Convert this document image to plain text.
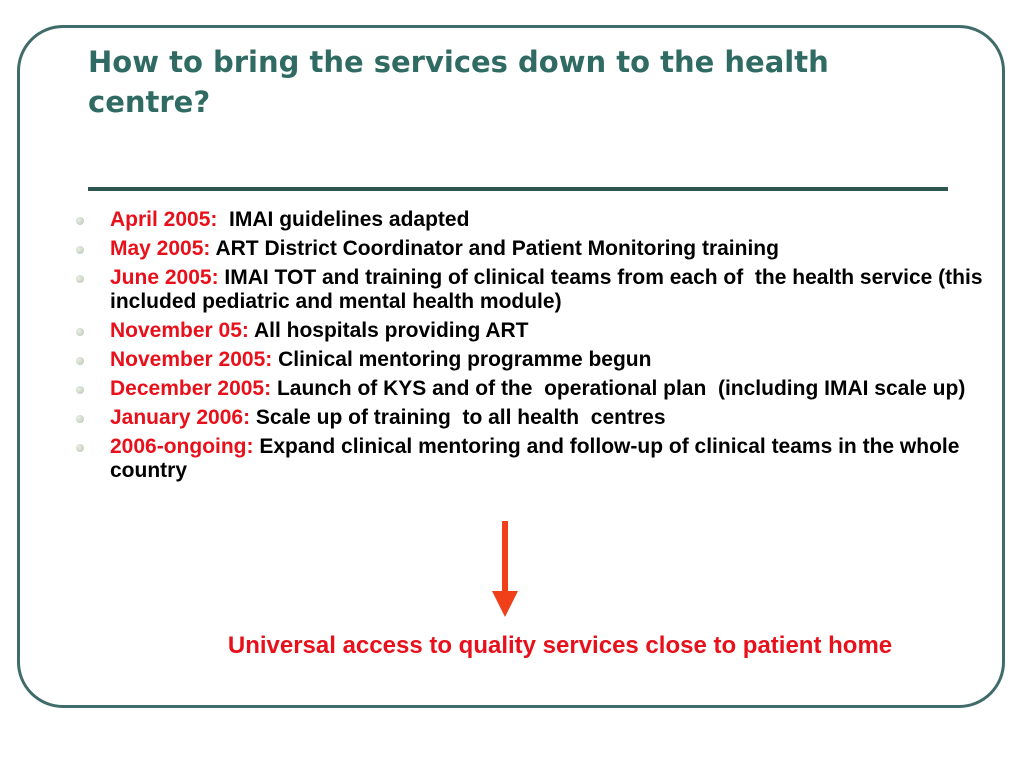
How to bring the services down to the health centre?
April 2005:  IMAI guidelines adapted
May 2005: ART District Coordinator and Patient Monitoring training
June 2005: IMAI TOT and training of clinical teams from each of  the health service (this included pediatric and mental health module)
November 05: All hospitals providing ART
November 2005: Clinical mentoring programme begun
December 2005: Launch of KYS and of the  operational plan  (including IMAI scale up)
January 2006: Scale up of training  to all health  centres
2006-ongoing: Expand clinical mentoring and follow-up of clinical teams in the whole country
Universal access to quality services close to patient home
